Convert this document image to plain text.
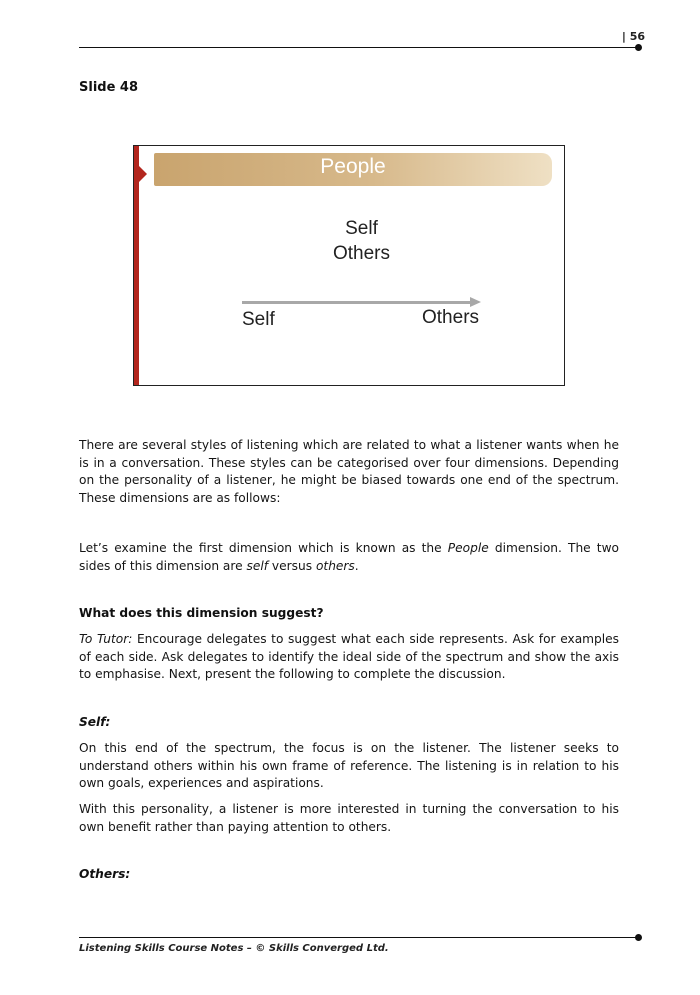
| 56
Slide 48
People
Self
Others
Self	Others

There are several styles of listening which are related to what a listener wants when he is in a conversation. These styles can be categorised over four dimensions. Depending on the personality of a listener, he might be biased towards one end of the spectrum. These dimensions are as follows:

Let’s examine the first dimension which is known as the People dimension. The two sides of this dimension are self versus others.

What does this dimension suggest?

To Tutor: Encourage delegates to suggest what each side represents. Ask for examples of each side. Ask delegates to identify the ideal side of the spectrum and show the axis to emphasise. Next, present the following to complete the discussion.

Self:

On this end of the spectrum, the focus is on the listener. The listener seeks to understand others within his own frame of reference. The listening is in relation to his own goals, experiences and aspirations.

With this personality, a listener is more interested in turning the conversation to his own benefit rather than paying attention to others.

Others:
Listening Skills Course Notes – © Skills Converged Ltd.
